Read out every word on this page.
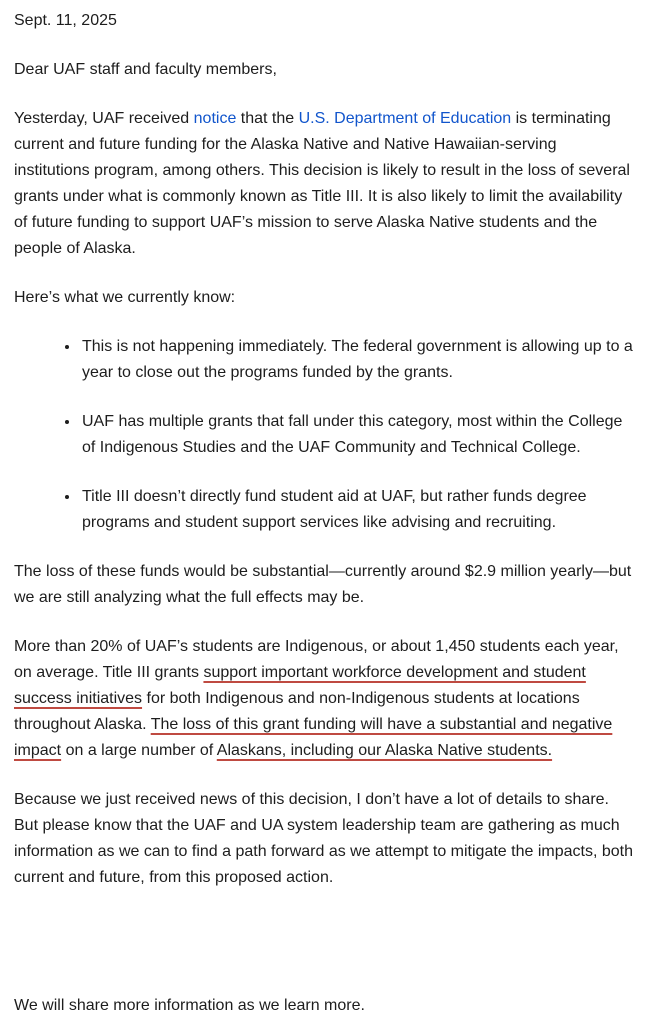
Sept. 11, 2025

Dear UAF staff and faculty members,

Yesterday, UAF received notice that the U.S. Department of Education is terminating current and future funding for the Alaska Native and Native Hawaiian-serving institutions program, among others. This decision is likely to result in the loss of several grants under what is commonly known as Title III. It is also likely to limit the availability of future funding to support UAF’s mission to serve Alaska Native students and the people of Alaska.

Here’s what we currently know:

• This is not happening immediately. The federal government is allowing up to a year to close out the programs funded by the grants.
• UAF has multiple grants that fall under this category, most within the College of Indigenous Studies and the UAF Community and Technical College.
• Title III doesn’t directly fund student aid at UAF, but rather funds degree programs and student support services like advising and recruiting.

The loss of these funds would be substantial—currently around $2.9 million yearly—but we are still analyzing what the full effects may be.

More than 20% of UAF’s students are Indigenous, or about 1,450 students each year, on average. Title III grants support important workforce development and student success initiatives for both Indigenous and non-Indigenous students at locations throughout Alaska. The loss of this grant funding will have a substantial and negative impact on a large number of Alaskans, including our Alaska Native students.

Because we just received news of this decision, I don’t have a lot of details to share. But please know that the UAF and UA system leadership team are gathering as much information as we can to find a path forward as we attempt to mitigate the impacts, both current and future, from this proposed action.

We will share more information as we learn more.
